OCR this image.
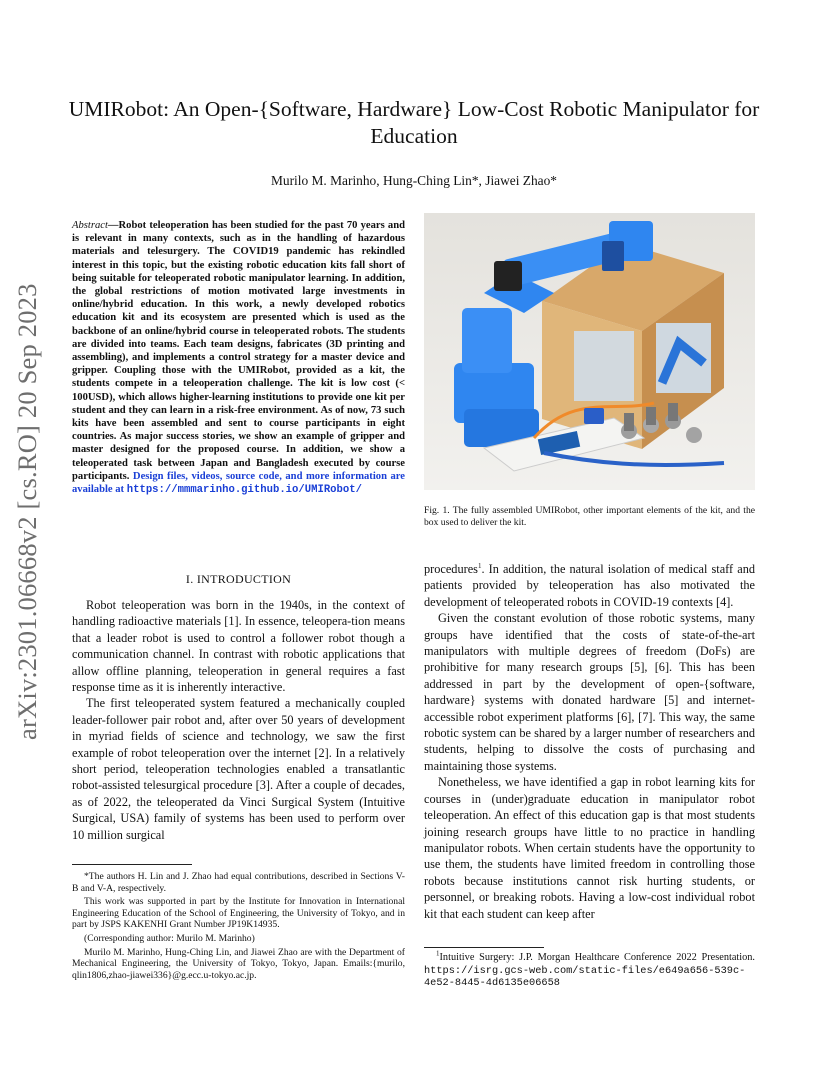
arXiv:2301.06668v2 [cs.RO] 20 Sep 2023
UMIRobot: An Open-{Software, Hardware} Low-Cost Robotic Manipulator for Education
Murilo M. Marinho, Hung-Ching Lin*, Jiawei Zhao*
Abstract—Robot teleoperation has been studied for the past 70 years and is relevant in many contexts, such as in the handling of hazardous materials and telesurgery. The COVID19 pandemic has rekindled interest in this topic, but the existing robotic education kits fall short of being suitable for teleoperated robotic manipulator learning. In addition, the global restrictions of motion motivated large investments in online/hybrid education. In this work, a newly developed robotics education kit and its ecosystem are presented which is used as the backbone of an online/hybrid course in teleoperated robots. The students are divided into teams. Each team designs, fabricates (3D printing and assembling), and implements a control strategy for a master device and gripper. Coupling those with the UMIRobot, provided as a kit, the students compete in a teleoperation challenge. The kit is low cost (< 100USD), which allows higher-learning institutions to provide one kit per student and they can learn in a risk-free environment. As of now, 73 such kits have been assembled and sent to course participants in eight countries. As major success stories, we show an example of gripper and master designed for the proposed course. In addition, we show a teleoperated task between Japan and Bangladesh executed by course participants. Design files, videos, source code, and more information are available at https://mmmarinho.github.io/UMIRobot/
Fig. 1. The fully assembled UMIRobot, other important elements of the kit, and the box used to deliver the kit.
I. INTRODUCTION

Robot teleoperation was born in the 1940s, in the context of handling radioactive materials [1]. In essence, teleopera-tion means that a leader robot is used to control a follower robot though a communication channel. In contrast with robotic applications that allow offline planning, teleoperation in general requires a fast response time as it is inherently interactive.

The first teleoperated system featured a mechanically coupled leader-follower pair robot and, after over 50 years of development in myriad fields of science and technology, we saw the first example of robot teleoperation over the internet [2]. In a relatively short period, teleoperation technologies enabled a transatlantic robot-assisted telesurgical procedure [3]. After a couple of decades, as of 2022, the teleoperated da Vinci Surgical System (Intuitive Surgical, USA) family of systems has been used to perform over 10 million surgical

*The authors H. Lin and J. Zhao had equal contributions, described in Sections V-B and V-A, respectively.

This work was supported in part by the Institute for Innovation in International Engineering Education of the School of Engineering, the University of Tokyo, and in part by JSPS KAKENHI Grant Number JP19K14935.

(Corresponding author: Murilo M. Marinho)

Murilo M. Marinho, Hung-Ching Lin, and Jiawei Zhao are with the Department of Mechanical Engineering, the University of Tokyo, Tokyo, Japan. Emails:{murilo, qlin1806,zhao-jiawei336}@g.ecc.u-tokyo.ac.jp.

procedures$^1$. In addition, the natural isolation of medical staff and patients provided by teleoperation has also motivated the development of teleoperated robots in COVID-19 contexts [4].

Given the constant evolution of those robotic systems, many groups have identified that the costs of state-of-the-art manipulators with multiple degrees of freedom (DoFs) are prohibitive for many research groups [5], [6]. This has been addressed in part by the development of open-{software, hardware} systems with donated hardware [5] and internet-accessible robot experiment platforms [6], [7]. This way, the same robotic system can be shared by a larger number of researchers and students, helping to dissolve the costs of purchasing and maintaining those systems.

Nonetheless, we have identified a gap in robot learning kits for courses in (under)graduate education in manipulator robot teleoperation. An effect of this education gap is that most students joining research groups have little to no practice in handling manipulator robots. When certain students have the opportunity to use them, the students have limited freedom in controlling those robots because institutions cannot risk hurting students, or personnel, or breaking robots. Having a low-cost individual robot kit that each student can keep after

$^1$Intuitive Surgery: J.P. Morgan Healthcare Conference 2022 Presentation. https://isrg.gcs-web.com/static-files/e649a656-539c-4e52-8445-4d6135e06658
